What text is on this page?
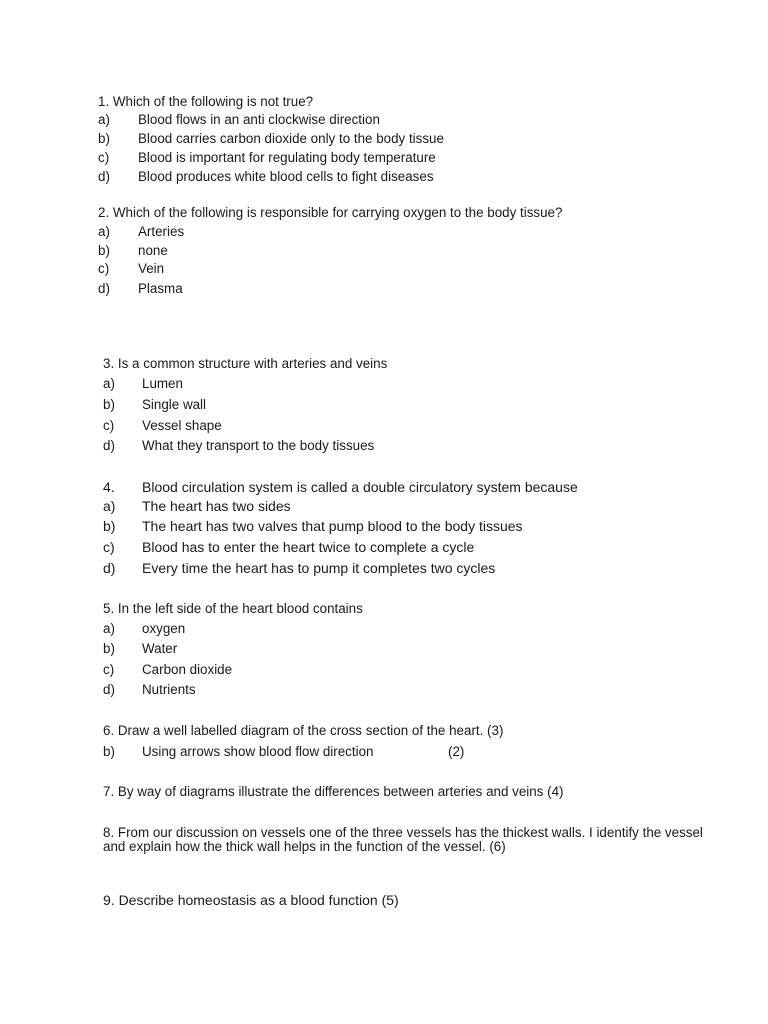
1. Which of the following is not true?
a) Blood flows in an anti clockwise direction
b) Blood carries carbon dioxide only to the body tissue
c) Blood is important for regulating body temperature
d) Blood produces white blood cells to fight diseases
2. Which of the following is responsible for carrying oxygen to the body tissue?
a) Arteries
b) none
c) Vein
d) Plasma
3. Is a common structure with arteries and veins
a) Lumen
b) Single wall
c) Vessel shape
d) What they transport to the body tissues
4. Blood circulation system is called a double circulatory system because
a) The heart has two sides
b) The heart has two valves that pump blood to the body tissues
c) Blood has to enter the heart twice to complete a cycle
d) Every time the heart has to pump it completes two cycles
5. In the left side of the heart blood contains
a) oxygen
b) Water
c) Carbon dioxide
d) Nutrients
6. Draw a well labelled diagram of the cross section of the heart. (3)
b) Using arrows show blood flow direction	(2)
7. By way of diagrams illustrate the differences between arteries and veins (4)
8. From our discussion on vessels one of the three vessels has the thickest walls. I identify the vessel and explain how the thick wall helps in the function of the vessel. (6)
9. Describe homeostasis as a blood function (5)
